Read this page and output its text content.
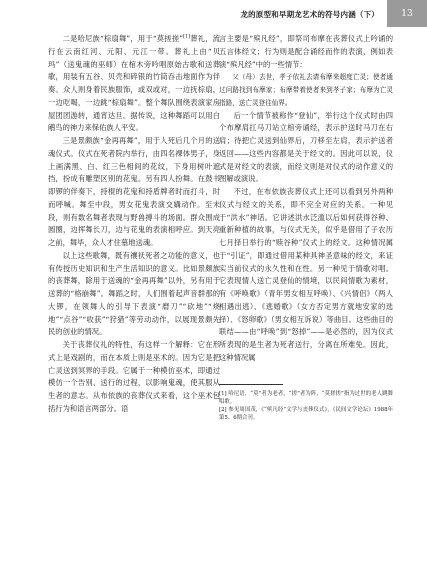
龙的原型和早期龙艺术的符号内涵（下）	13

二是哈尼族“棕扇舞”，用于“莫搓搓”[1]葬礼，流行在云南红河、元阳、元江一带。葬礼上由“贝玛”（送鬼魂的巫师）在棺木旁吟唱原始古歌和送葬歌，用装有五谷、贝壳和碎银的竹筒吞击地面作为伴奏。众人则身着民族服饰，或双或对，一边抚棕扇，一边吃喝，一边跳“棕扇舞”。整个舞队围绕表演家房屋团团游转，通宵达旦。据传说，这种舞蹈可以用白鹇鸟的神力来保佑族人平安。

三是景颇族“金再再舞”，用于人死后几个月的送魂仪式。仪式在死者院内举行，由四名裸体男子，身上画满黑、白、红三色相间的花纹，下身用树叶遮挡，扮成有雕塑区别的花鬼。另有四人扮舞。在鼓书即锣的伴奏下，持棍的花鬼和持盾牌者时而打斗，时而呼喊。舞至中段，男女花鬼表演交媾动作。至末段，则有数名舞者表现与野兽搏斗的场面。群众围成圆圈，边挥舞长刀，边与花鬼的表演相呼应。到天亮之前，舞毕，众人才住墓地送魂。

以上这些歌舞，既有禳祆死者之功能的意义，也有传授历史知识和生产生活知识的意义。比如景颇族的丧葬舞，除用于送魂的“金再再舞”以外，另有用于送葬的“格崩舞”。舞蹈之时，人们围着起声音群那的大锣，在领舞人的引导下表演“磨刀”“砍地”“烧地”“点谷”“收获”“狩猎”等劳动动作，以展现景颇先民的创业的情况。

关于丧葬仪礼的特性，有这样一个解释：它在形式上是戏剧的，而在本质上则是巫术的。因为它是把亡灵送到冥界的手段。它属于一种模仿巫术，即通过模仿一个告别、送行的过程，以影响鬼魂，使其服从生者的意志。从布依族的丧葬仪式来看，这个巫术包括行为和语言两部分。语

言主要是“殡凡经”，即祭司布摩在丧葬仪式上吟诵的五言体经文；行为则是配合诵经而作的表演，例如表演“殡凡经”中的一些情节：

父（母）去世，孝子依礼去请布摩来超度亡灵；使者通过问路找到布摩家；布摩带着使者来到孝子家；布摩为亡灵指路，送亡灵登往仙界。

后一个情节被称作“登仙”，举行这个仪式时由四个布摩肩扛马刀站立棺旁诵经，表示护送时马刀在右肩；待把亡灵送到仙界后，刀移至左肩，表示护送者返回——这些内容都是关于经文的。因此可以说，仪式是对经文的表演，而经文则是对仪式的动作意义的图解或演说。

不过，在布依族丧葬仪式上还可以看到另外两种仪式与经文的关系，即不完全对应的关系。一种见于“洪水”神话。它讲述洪水泛滥以后如何获得谷种、重新种植的故事，与仪式无关，似乎是借用了子农历七月择日举行的“赎谷种”仪式上的经文。这种情况属于“引证”，即通过借用某种具神圣意味的经文，来证实当前仪式的永久性和在性。另一种见于情歌对唱。它表现情人送亡灵登仙的情境，以民间情歌为素材，有《呼唤歌》（青年男女相互呼唤）、《兴情侣》（两人相遇出逃）、《逃婚歌》（女方否定男方就地安家的选择）、《怒卵歌》（男女相互诉说）等曲目。这些曲目的联结——由“呼唤”到“怒掉”——是必然的，因为仪式所表现的是生者为死者送行，分离在所难免。因此，这种情况属

[1] 哈尼语，“莫”者为老者，“搓”者为阵，“莫搓搓”指为过世的老人跳舞唱歌。

[2] 参见周国茂，《“殡凡经”文学与丧葬仪式》，《民间文学论坛》1988年第5、6期合刊。
